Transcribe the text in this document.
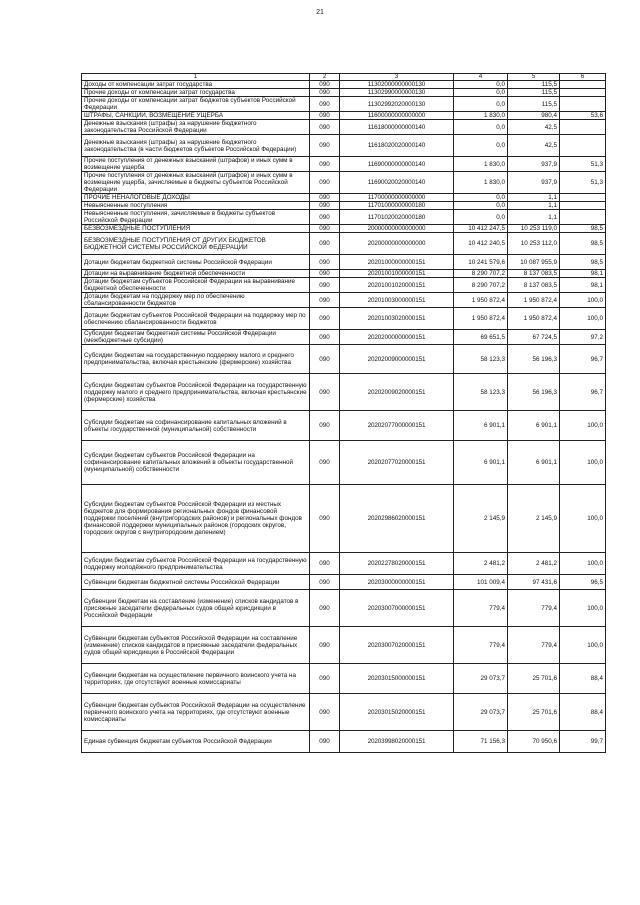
21
1	2	3	4	5	6
Доходы от компенсации затрат государства	090	11302000000000130	0,0	115,5	
Прочие доходы от компенсации затрат государства	090	11302990000000130	0,0	115,5	
Прочие доходы от компенсации затрат бюджетов субъектов Российской Федерации	090	11302992020000130	0,0	115,5	
ШТРАФЫ, САНКЦИИ, ВОЗМЕЩЕНИЕ УЩЕРБА	090	11600000000000000	1 830,0	980,4	53,6
Денежные взыскания (штрафы) за нарушение бюджетного законодательства Российской Федерации	090	11618000000000140	0,0	42,5	
Денежные взыскания (штрафы) за нарушение бюджетного законодательства (в части бюджетов субъектов Российской Федерации)	090	11618020020000140	0,0	42,5	
Прочие поступления от денежных взысканий (штрафов) и иных сумм в возмещение ущерба	090	11690000000000140	1 830,0	937,9	51,3
Прочие поступления от денежных взысканий (штрафов) и иных сумм в возмещение ущерба, зачисляемые в бюджеты субъектов Российской Федерации	090	11690020020000140	1 830,0	937,9	51,3
ПРОЧИЕ НЕНАЛОГОВЫЕ ДОХОДЫ	090	11700000000000000	0,0	1,1	
Невыясненные поступления	090	11701000000000180	0,0	1,1	
Невыясненные поступления, зачисляемые в бюджеты субъектов Российской Федерации	090	11701020020000180	0,0	1,1	
БЕЗВОЗМЕЗДНЫЕ ПОСТУПЛЕНИЯ	090	20000000000000000	10 412 247,5	10 253 119,0	98,5
БЕЗВОЗМЕЗДНЫЕ ПОСТУПЛЕНИЯ ОТ ДРУГИХ БЮДЖЕТОВ БЮДЖЕТНОЙ СИСТЕМЫ РОССИЙСКОЙ ФЕДЕРАЦИИ	090	20200000000000000	10 412 240,5	10 253 112,0	98,5
Дотации бюджетам бюджетной системы Российской Федерации	090	20201000000000151	10 241 579,6	10 087 955,9	98,5
Дотации на выравнивание бюджетной обеспеченности	090	20201001000000151	8 290 707,2	8 137 083,5	98,1
Дотации бюджетам субъектов Российской Федерации на выравнивание бюджетной обеспеченности	090	20201001020000151	8 290 707,2	8 137 083,5	98,1
Дотации бюджетам на поддержку мер по обеспечению сбалансированности бюджетов	090	20201003000000151	1 950 872,4	1 950 872,4	100,0
Дотации бюджетам субъектов Российской Федерации на поддержку мер по обеспечению сбалансированности бюджетов	090	20201003020000151	1 950 872,4	1 950 872,4	100,0
Субсидии бюджетам бюджетной системы Российской Федерации (межбюджетные субсидии)	090	20202000000000151	69 651,5	67 724,5	97,2
Субсидии бюджетам на государственную поддержку малого и среднего предпринимательства, включая крестьянские (фермерские) хозяйства	090	20202009000000151	58 123,3	56 196,3	96,7
Субсидии бюджетам субъектов Российской Федерации на государственную поддержку малого и среднего предпринимательства, включая крестьянские (фермерские) хозяйства	090	20202009020000151	58 123,3	56 196,3	96,7
Субсидии бюджетам на софинансирование капитальных вложений в объекты государственной (муниципальной) собственности	090	20202077000000151	6 901,1	6 901,1	100,0
Субсидии бюджетам субъектов Российской Федерации на софинансирование капитальных вложений в объекты государственной (муниципальной) собственности	090	20202077020000151	6 901,1	6 901,1	100,0
Субсидии бюджетам субъектов Российской Федерации из местных бюджетов для формирования региональных фондов финансовой поддержки поселений (внутригородских районов) и региональных фондов финансовой поддержки муниципальных районов (городских округов, городских округов с внутригородским делением)	090	20202986020000151	2 145,9	2 145,9	100,0
Субсидии бюджетам субъектов Российской Федерации на государственную поддержку молодёжного предпринимательства	090	20202278020000151	2 481,2	2 481,2	100,0
Субвенции бюджетам бюджетной системы Российской Федерации	090	20203000000000151	101 009,4	97 431,6	96,5
Субвенции бюджетам на составление (изменение) списков кандидатов в присяжные заседатели федеральных судов общей юрисдикции в Российской Федерации	090	20203007000000151	779,4	779,4	100,0
Субвенции бюджетам субъектов Российской Федерации на составление (изменение) списков кандидатов в присяжные заседатели федеральных судов общей юрисдикции в Российской Федерации	090	20203007020000151	779,4	779,4	100,0
Субвенции бюджетам на осуществление первичного воинского учета на территориях, где отсутствуют военные комиссариаты	090	20203015000000151	29 073,7	25 701,6	88,4
Субвенции бюджетам субъектов Российской Федерации на осуществление первичного воинского учета на территориях, где отсутствуют военные комиссариаты	090	20203015020000151	29 073,7	25 701,6	88,4
Единая субвенция бюджетам субъектов Российской Федерации	090	20203998020000151	71 156,3	70 950,6	99,7
